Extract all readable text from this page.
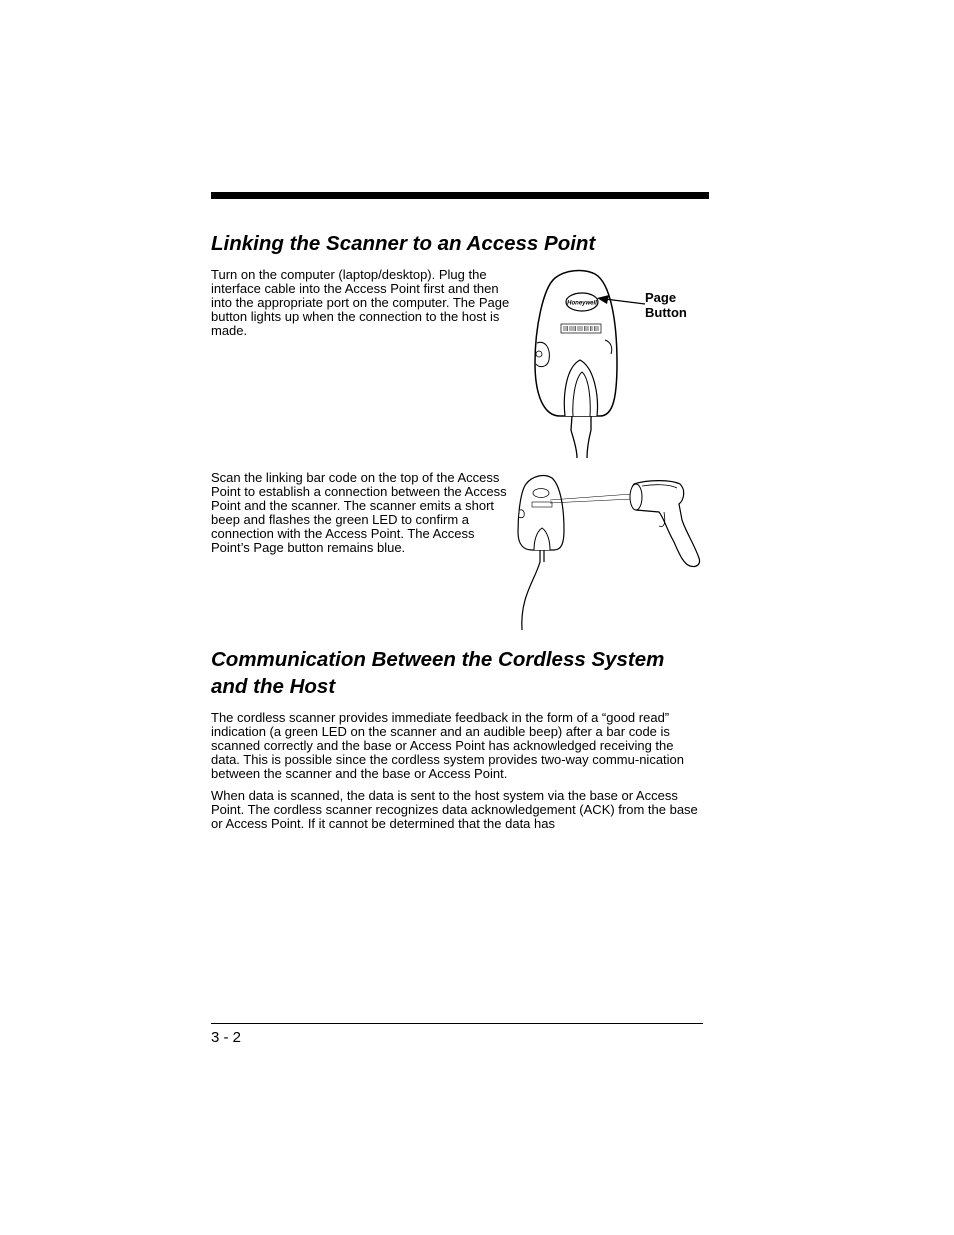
Linking the Scanner to an Access Point

Turn on the computer (laptop/desktop). Plug the interface cable into the Access Point first and then into the appropriate port on the computer. The Page button lights up when the connection to the host is made.

Honeywell	Page
Button

Scan the linking bar code on the top of the Access Point to establish a connection between the Access Point and the scanner. The scanner emits a short beep and flashes the green LED to confirm a connection with the Access Point. The Access Point’s Page button remains blue.

Communication Between the Cordless System
and the Host

The cordless scanner provides immediate feedback in the form of a “good read” indication (a green LED on the scanner and an audible beep) after a bar code is scanned correctly and the base or Access Point has acknowledged receiving the data. This is possible since the cordless system provides two-way commu-nication between the scanner and the base or Access Point.

When data is scanned, the data is sent to the host system via the base or Access Point. The cordless scanner recognizes data acknowledgement (ACK) from the base or Access Point. If it cannot be determined that the data has

3 - 2
